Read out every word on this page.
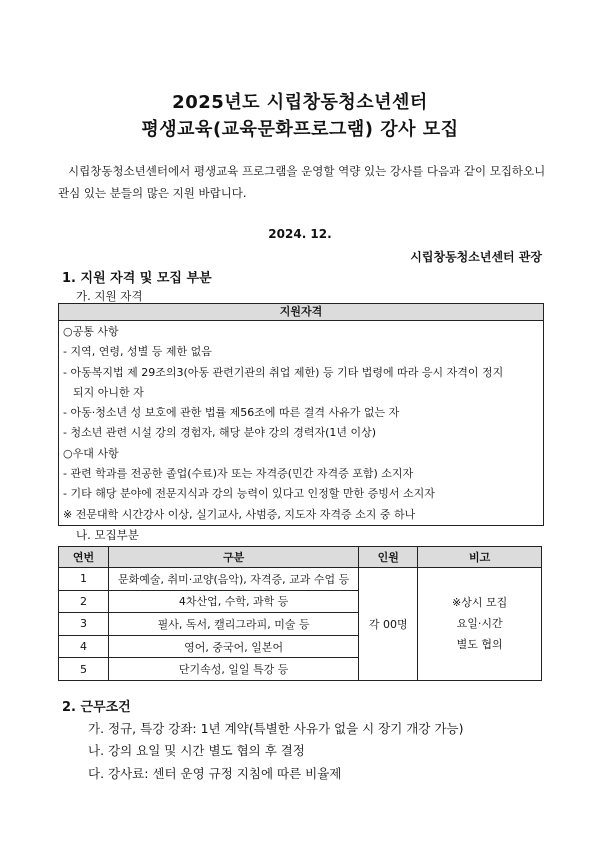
2025년도 시립창동청소년센터
평생교육(교육문화프로그램) 강사 모집
시립창동청소년센터에서 평생교육 프로그램을 운영할 역량 있는 강사를 다음과 같이 모집하오니 관심 있는 분들의 많은 지원 바랍니다.
2024. 12.
시립창동청소년센터 관장
1. 지원 자격 및 모집 부분
가. 지원 자격
지원자격
○공통 사항
- 지역, 연령, 성별 등 제한 없음
- 아동복지법 제 29조의3(아동 관련기관의 취업 제한) 등 기타 법령에 따라 응시 자격이 정지
되지 아니한 자
- 아동·청소년 성 보호에 관한 법률 제56조에 따른 결격 사유가 없는 자
- 청소년 관련 시설 강의 경험자, 해당 분야 강의 경력자(1년 이상)
○우대 사항
- 관련 학과를 전공한 졸업(수료)자 또는 자격증(민간 자격증 포함) 소지자
- 기타 해당 분야에 전문지식과 강의 능력이 있다고 인정할 만한 증빙서 소지자
※ 전문대학 시간강사 이상, 실기교사, 사범증, 지도자 자격증 소지 중 하나
나. 모집부분
연번	구분	인원	비고
1	문화예술, 취미·교양(음악), 자격증, 교과 수업 등	각 00명	※상시 모집
요일·시간
별도 협의

2	4차산업, 수학, 과학 등		
3	필사, 독서, 캘리그라피, 미술 등		
4	영어, 중국어, 일본어		
5	단기속성, 일일 특강 등		
2. 근무조건
가. 정규, 특강 강좌: 1년 계약(특별한 사유가 없을 시 장기 개강 가능)
나. 강의 요일 및 시간 별도 협의 후 결정
다. 강사료: 센터 운영 규정 지침에 따른 비율제
